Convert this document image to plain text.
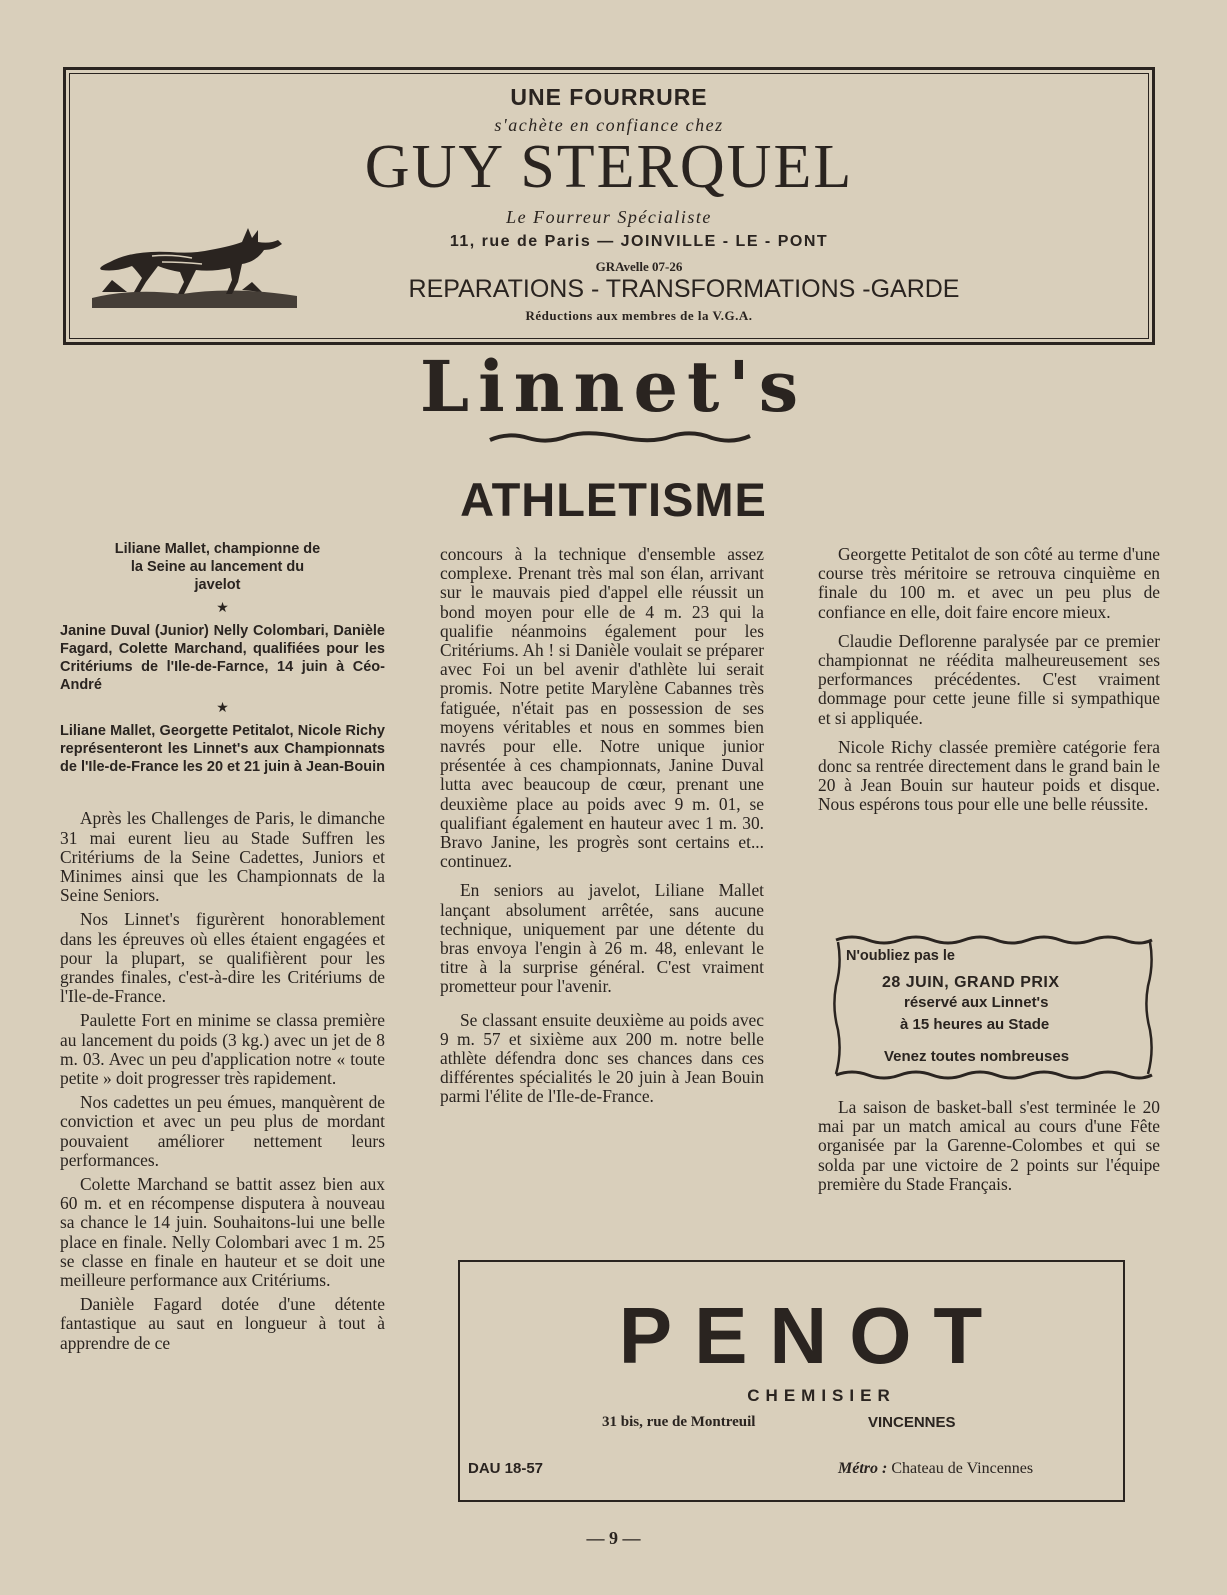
UNE FOURRURE
s'achète en confiance chez
GUY STERQUEL
Le Fourreur Spécialiste
11, rue de Paris — JOINVILLE - LE - PONT
GRAvelle 07-26
REPARATIONS - TRANSFORMATIONS -GARDE
Réductions aux membres de la V.G.A.
Linnet's
ATHLETISME

Liliane Mallet, championne de la Seine au lancement du javelot

★

Janine Duval (Junior) Nelly Colombari, Danièle Fagard, Colette Marchand, qualifiées pour les Critériums de l'Ile-de-Farnce, 14 juin à Céo-André

★

Liliane Mallet, Georgette Petitalot, Nicole Richy représenteront les Linnet's aux Championnats de l'Ile-de-France les 20 et 21 juin à Jean-Bouin

Après les Challenges de Paris, le dimanche 31 mai eurent lieu au Stade Suffren les Critériums de la Seine Cadettes, Juniors et Minimes ainsi que les Championnats de la Seine Seniors.

Nos Linnet's figurèrent honorablement dans les épreuves où elles étaient engagées et pour la plupart, se qualifièrent pour les grandes finales, c'est-à-dire les Critériums de l'Ile-de-France.

Paulette Fort en minime se classa première au lancement du poids (3 kg.) avec un jet de 8 m. 03. Avec un peu d'application notre « toute petite » doit progresser très rapidement.

Nos cadettes un peu émues, manquèrent de conviction et avec un peu plus de mordant pouvaient améliorer nettement leurs performances.

Colette Marchand se battit assez bien aux 60 m. et en récompense disputera à nouveau sa chance le 14 juin. Souhaitons-lui une belle place en finale. Nelly Colombari avec 1 m. 25 se classe en finale en hauteur et se doit une meilleure performance aux Critériums.

Danièle Fagard dotée d'une détente fantastique au saut en longueur à tout à apprendre de ce

concours à la technique d'ensemble assez complexe. Prenant très mal son élan, arrivant sur le mauvais pied d'appel elle réussit un bond moyen pour elle de 4 m. 23 qui la qualifie néanmoins également pour les Critériums. Ah ! si Danièle voulait se préparer avec Foi un bel avenir d'athlète lui serait promis. Notre petite Marylène Cabannes très fatiguée, n'était pas en possession de ses moyens véritables et nous en sommes bien navrés pour elle. Notre unique junior présentée à ces championnats, Janine Duval lutta avec beaucoup de cœur, prenant une deuxième place au poids avec 9 m. 01, se qualifiant également en hauteur avec 1 m. 30. Bravo Janine, les progrès sont certains et... continuez.

En seniors au javelot, Liliane Mallet lançant absolument arrêtée, sans aucune technique, uniquement par une détente du bras envoya l'engin à 26 m. 48, enlevant le titre à la surprise général. C'est vraiment prometteur pour l'avenir.

Se classant ensuite deuxième au poids avec 9 m. 57 et sixième aux 200 m. notre belle athlète défendra donc ses chances dans ces différentes spécialités le 20 juin à Jean Bouin parmi l'élite de l'Ile-de-France.

Georgette Petitalot de son côté au terme d'une course très méritoire se retrouva cinquième en finale du 100 m. et avec un peu plus de confiance en elle, doit faire encore mieux.

Claudie Deflorenne paralysée par ce premier championnat ne réédita malheureusement ses performances précédentes. C'est vraiment dommage pour cette jeune fille si sympathique et si appliquée.

Nicole Richy classée première catégorie fera donc sa rentrée directement dans le grand bain le 20 à Jean Bouin sur hauteur poids et disque. Nous espérons tous pour elle une belle réussite.

N'oubliez pas le
28 JUIN, GRAND PRIX
réservé aux Linnet's
à 15 heures au Stade
Venez toutes nombreuses

La saison de basket-ball s'est terminée le 20 mai par un match amical au cours d'une Fête organisée par la Garenne-Colombes et qui se solda par une victoire de 2 points sur l'équipe première du Stade Français.

PENOT
CHEMISIER
31 bis, rue de Montreuil	VINCENNES
DAU 18-57	Métro : Chateau de Vincennes
— 9 —
